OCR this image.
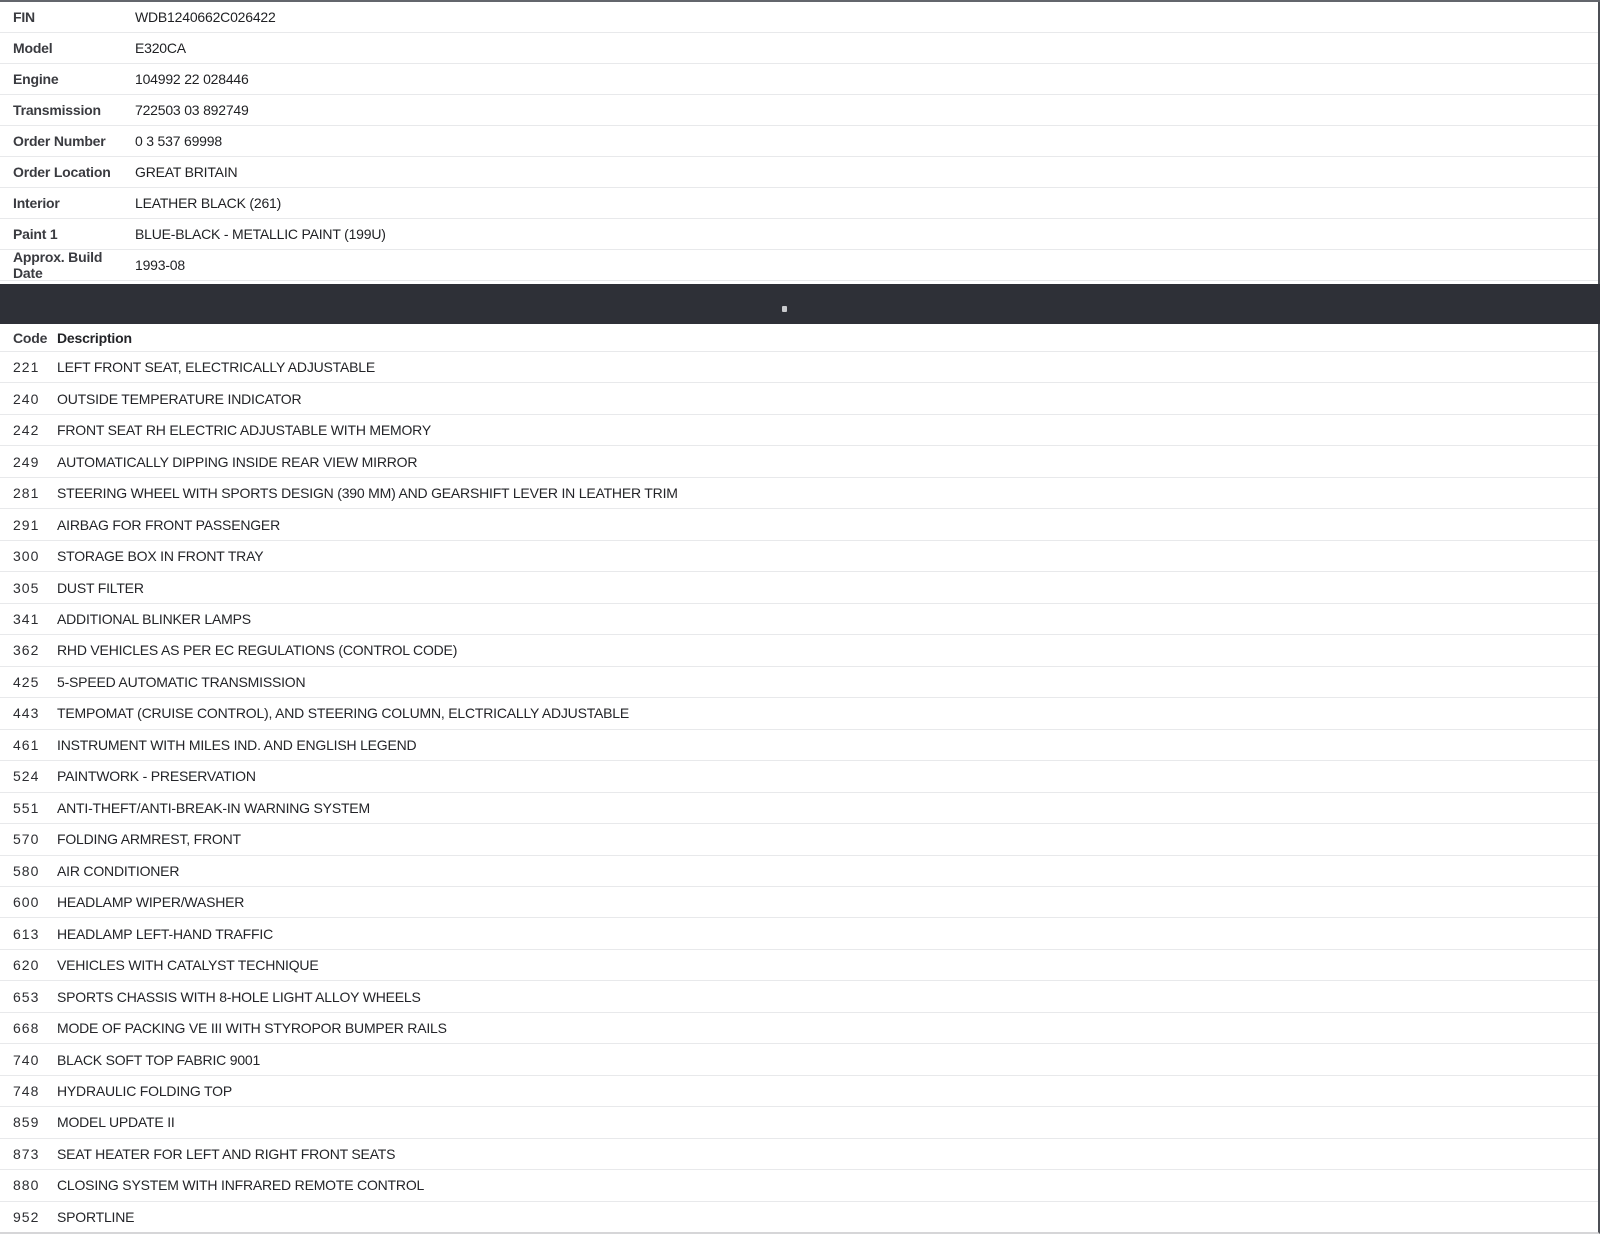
FIN	WDB1240662C026422
Model	E320CA
Engine	104992 22 028446
Transmission	722503 03 892749
Order Number	0 3 537 69998
Order Location	GREAT BRITAIN
Interior	LEATHER BLACK (261)
Paint 1	BLUE-BLACK - METALLIC PAINT (199U)
Approx. Build Date	1993-08
Code Description
221	LEFT FRONT SEAT, ELECTRICALLY ADJUSTABLE
240	OUTSIDE TEMPERATURE INDICATOR
242	FRONT SEAT RH ELECTRIC ADJUSTABLE WITH MEMORY
249	AUTOMATICALLY DIPPING INSIDE REAR VIEW MIRROR
281	STEERING WHEEL WITH SPORTS DESIGN (390 MM) AND GEARSHIFT LEVER IN LEATHER TRIM
291	AIRBAG FOR FRONT PASSENGER
300	STORAGE BOX IN FRONT TRAY
305	DUST FILTER
341	ADDITIONAL BLINKER LAMPS
362	RHD VEHICLES AS PER EC REGULATIONS (CONTROL CODE)
425	5-SPEED AUTOMATIC TRANSMISSION
443	TEMPOMAT (CRUISE CONTROL), AND STEERING COLUMN, ELCTRICALLY ADJUSTABLE
461	INSTRUMENT WITH MILES IND. AND ENGLISH LEGEND
524	PAINTWORK - PRESERVATION
551	ANTI-THEFT/ANTI-BREAK-IN WARNING SYSTEM
570	FOLDING ARMREST, FRONT
580	AIR CONDITIONER
600	HEADLAMP WIPER/WASHER
613	HEADLAMP LEFT-HAND TRAFFIC
620	VEHICLES WITH CATALYST TECHNIQUE
653	SPORTS CHASSIS WITH 8-HOLE LIGHT ALLOY WHEELS
668	MODE OF PACKING VE III WITH STYROPOR BUMPER RAILS
740	BLACK SOFT TOP FABRIC 9001
748	HYDRAULIC FOLDING TOP
859	MODEL UPDATE II
873	SEAT HEATER FOR LEFT AND RIGHT FRONT SEATS
880	CLOSING SYSTEM WITH INFRARED REMOTE CONTROL
952	SPORTLINE
